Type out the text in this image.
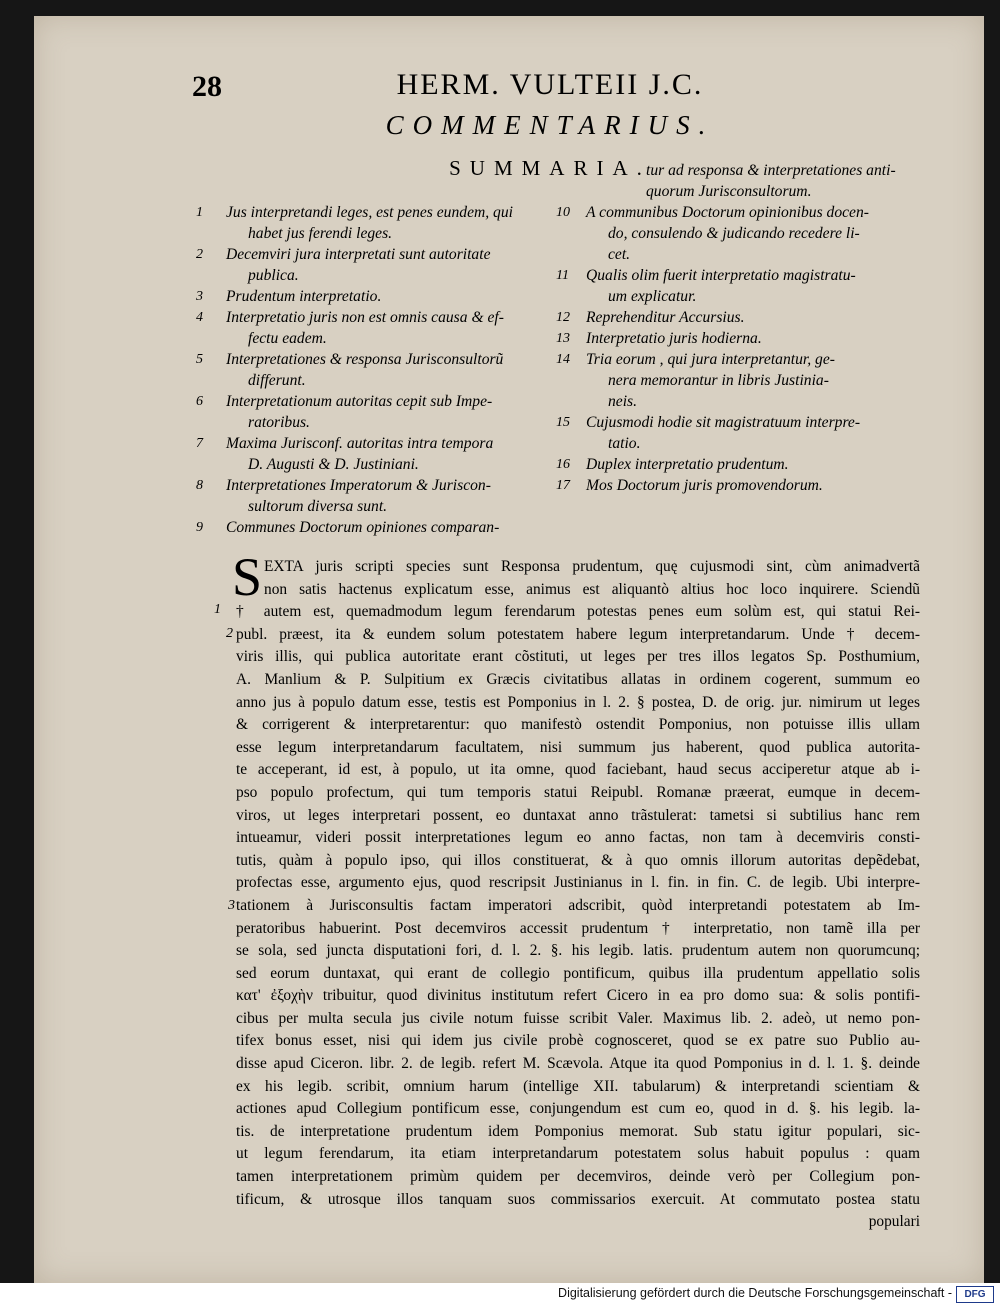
28	HERM. VULTEII J.C.
COMMENTARIUS.
SUMMARIA.
1 Jus interpretandi leges, est penes eundem, qui
habet jus ferendi leges.
2 Decemviri jura interpretati sunt autoritate
publica.
3 Prudentum interpretatio.
4 Interpretatio juris non est omnis causa & ef-
fectu eadem.
5 Interpretationes & responsa Jurisconsultorũ
differunt.
6 Interpretationum autoritas cepit sub Impe-
ratoribus.
7 Maxima Jurisconf. autoritas intra tempora
D. Augusti & D. Justiniani.
8 Interpretationes Imperatorum & Juriscon-
sultorum diversa sunt.
9 Communes Doctorum opiniones comparan-
tur ad responsa & interpretationes anti-
quorum Jurisconsultorum.
10 A communibus Doctorum opinionibus docen-
do, consulendo & judicando recedere li-
cet.
11 Qualis olim fuerit interpretatio magistratu-
um explicatur.
12 Reprehenditur Accursius.
13 Interpretatio juris hodierna.
14 Tria eorum , qui jura interpretantur, ge-
nera memorantur in libris Justinia-
neis.
15 Cujusmodi hodie sit magistratuum interpre-
tatio.
16 Duplex interpretatio prudentum.
17 Mos Doctorum juris promovendorum.
S EXTA juris scripti species sunt Responsa prudentum, quę cujusmodi sint, cùm animadvertã
non satis hactenus explicatum esse, animus est aliquantò altius hoc loco inquirere. Sciendũ
† autem est, quemadmodum legum ferendarum potestas penes eum solùm est, qui statui Rei-
publ. præest, ita & eundem solum potestatem habere legum interpretandarum. Unde † decem-
viris illis, qui publica autoritate erant cõstituti, ut leges per tres illos legatos Sp. Posthumium,
A. Manlium & P. Sulpitium ex Græcis civitatibus allatas in ordinem cogerent, summum eo
anno jus à populo datum esse, testis est Pomponius in l. 2. § postea, D. de orig. jur. nimirum ut leges
& corrigerent & interpretarentur: quo manifestò ostendit Pomponius, non potuisse illis ullam
esse legum interpretandarum facultatem, nisi summum jus haberent, quod publica autorita-
te acceperant, id est, à populo, ut ita omne, quod faciebant, haud secus acciperetur atque ab i-
pso populo profectum, qui tum temporis statui Reipubl. Romanæ præerat, eumque in decem-
viros, ut leges interpretari possent, eo duntaxat anno trãstulerat: tametsi si subtilius hanc rem
intueamur, videri possit interpretationes legum eo anno factas, non tam à decemviris consti-
tutis, quàm à populo ipso, qui illos constituerat, & à quo omnis illorum autoritas depẽdebat,
profectas esse, argumento ejus, quod rescripsit Justinianus in l. fin. in fin. C. de legib. Ubi interpre-
tationem à Jurisconsultis factam imperatori adscribit, quòd interpretandi potestatem ab Im-
peratoribus habuerint. Post decemviros accessit prudentum † interpretatio, non tamẽ illa per
se sola, sed juncta disputationi fori, d. l. 2. §. his legib. latis. prudentum autem non quorumcunq;
sed eorum duntaxat, qui erant de collegio pontificum, quibus illa prudentum appellatio solis
κατ' ἐξοχὴν tribuitur, quod divinitus institutum refert Cicero in ea pro domo sua: & solis pontifi-
cibus per multa secula jus civile notum fuisse scribit Valer. Maximus lib. 2. adeò, ut nemo pon-
tifex bonus esset, nisi qui idem jus civile probè cognosceret, quod se ex patre suo Publio au-
disse apud Ciceron. libr. 2. de legib. refert M. Scævola. Atque ita quod Pomponius in d. l. 1. §. deinde
ex his legib. scribit, omnium harum (intellige XII. tabularum) & interpretandi scientiam &
actiones apud Collegium pontificum esse, conjungendum est cum eo, quod in d. §. his legib. la-
tis. de interpretatione prudentum idem Pomponius memorat. Sub statu igitur populari, sic-
ut legum ferendarum, ita etiam interpretandarum potestatem solus habuit populus : quam
tamen interpretationem primùm quidem per decemviros, deinde verò per Collegium pon-
tificum, & utrosque illos tanquam suos commissarios exercuit. At commutato postea statu
populari
1
2
3
Digitalisierung gefördert durch die Deutsche Forschungsgemeinschaft -	DFG
